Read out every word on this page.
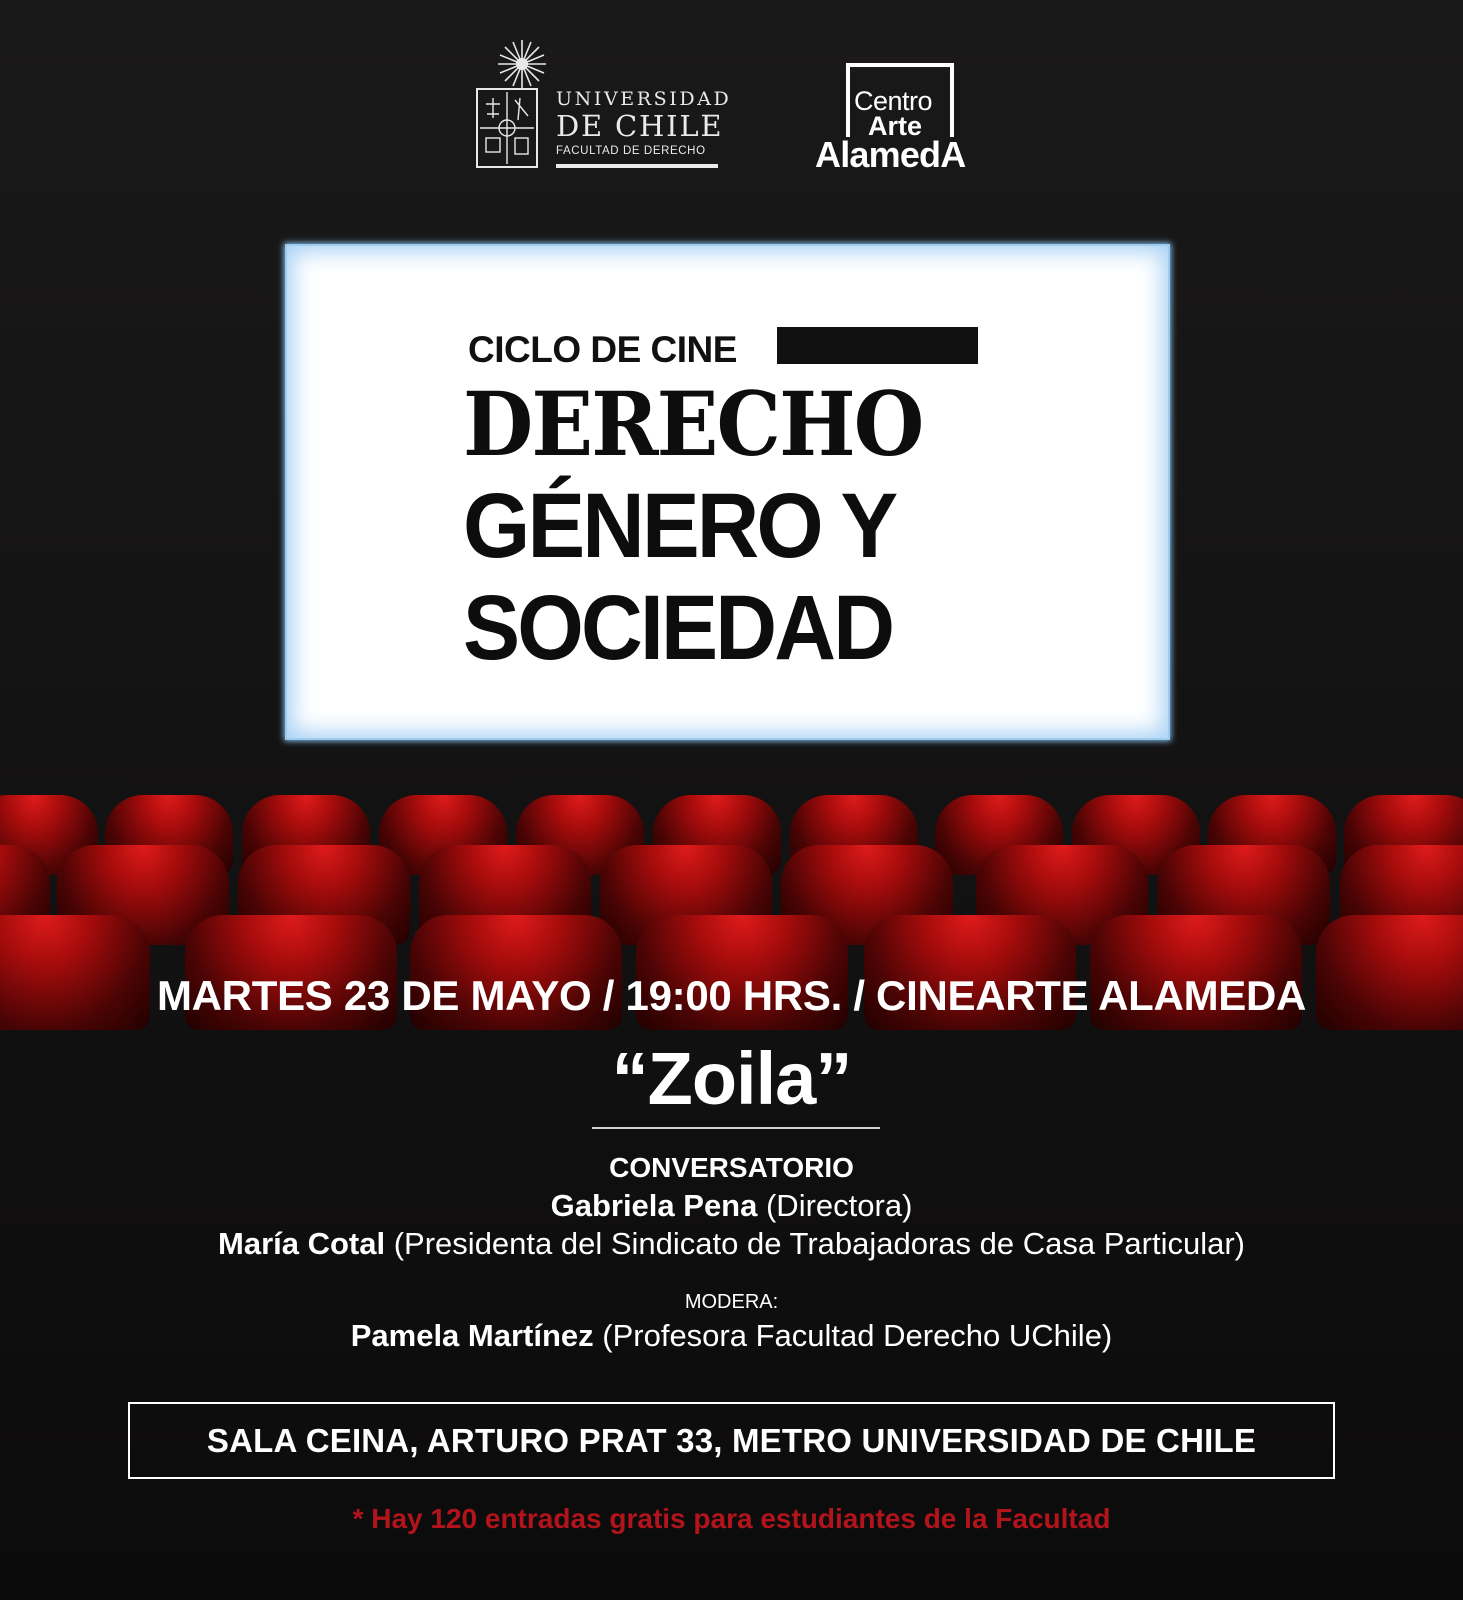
UNIVERSIDAD
DE CHILE
FACULTAD DE DERECHO
Centro
Arte
AlamedA
CICLO DE CINE
DERECHO
GÉNERO Y
SOCIEDAD
MARTES 23 DE MAYO / 19:00 HRS. / CINEARTE ALAMEDA
“Zoila”
CONVERSATORIO
Gabriela Pena (Directora)
María Cotal (Presidenta del Sindicato de Trabajadoras de Casa Particular)
MODERA:
Pamela Martínez (Profesora Facultad Derecho UChile)
SALA CEINA, ARTURO PRAT 33, METRO UNIVERSIDAD DE CHILE
* Hay 120 entradas gratis para estudiantes de la Facultad
